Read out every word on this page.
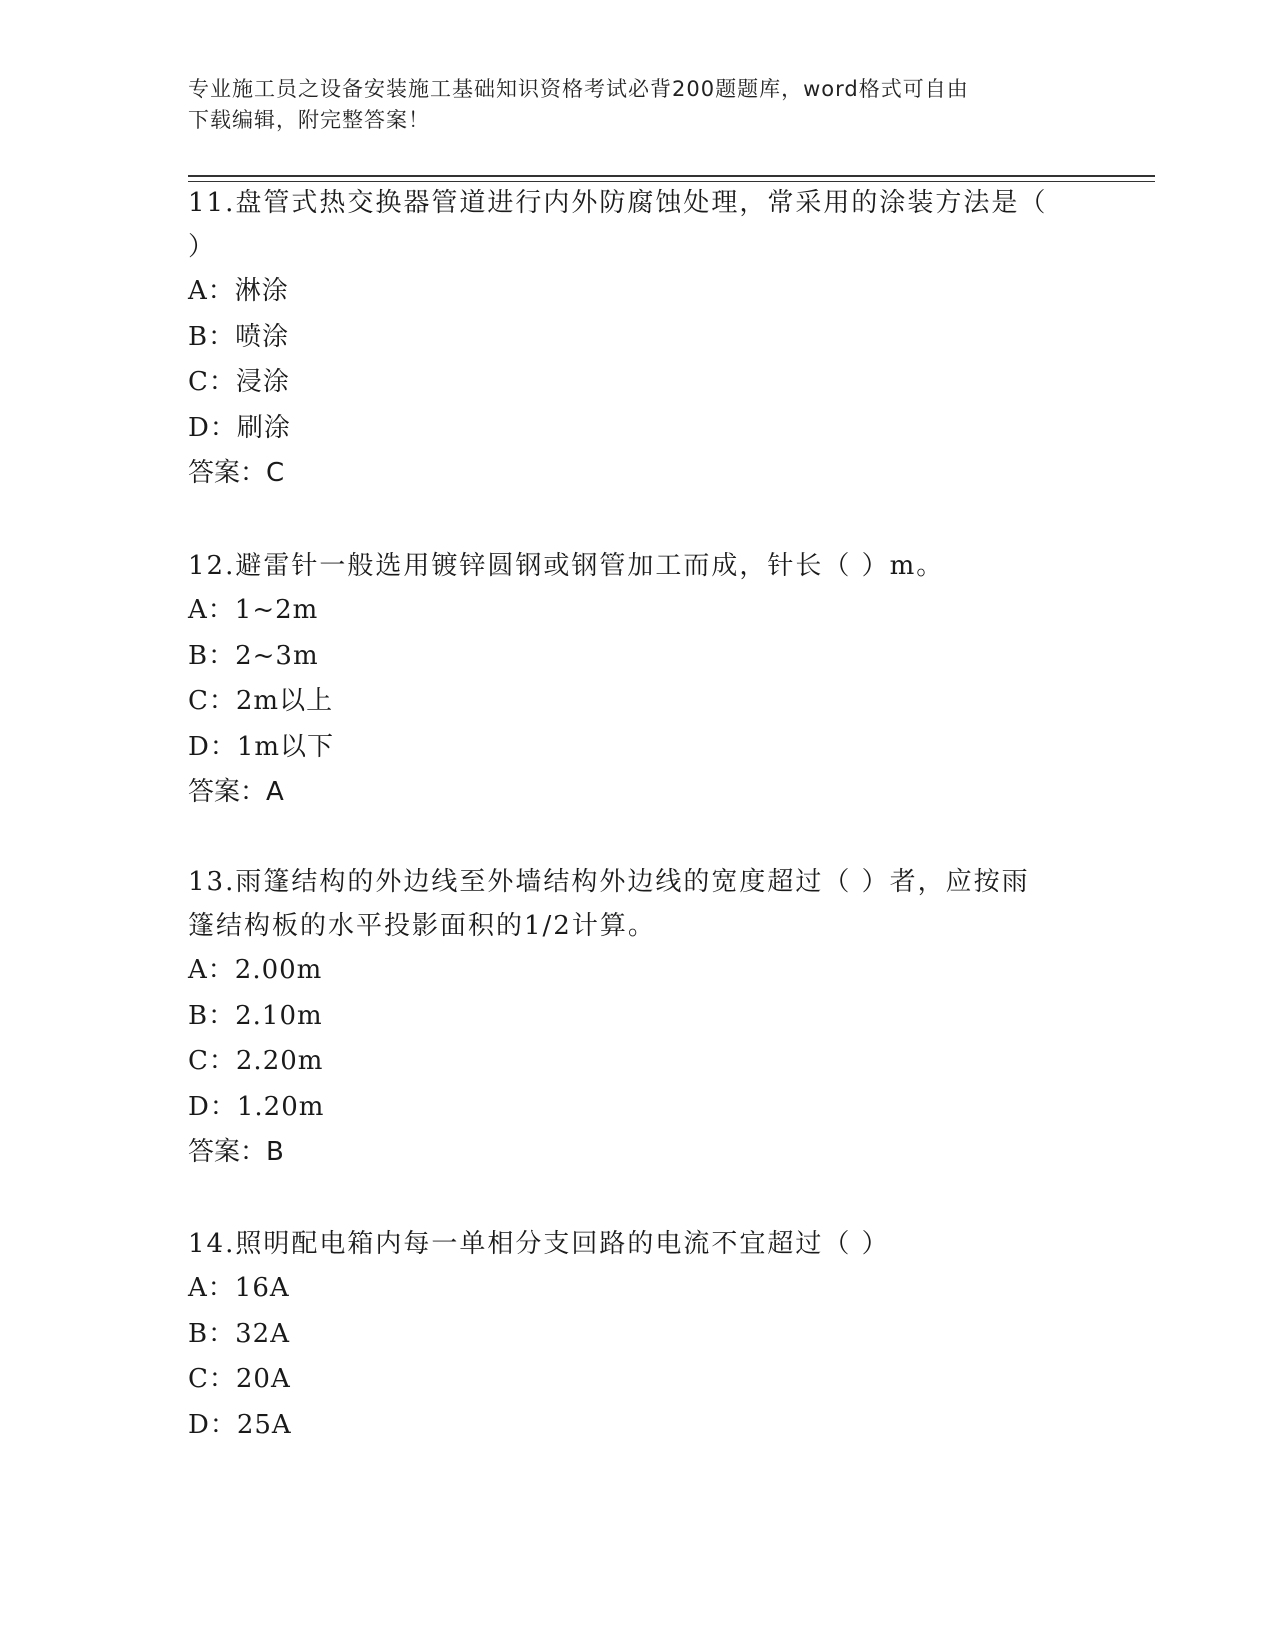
专业施工员之设备安装施工基础知识资格考试必背200题题库，word格式可自由
下载编辑，附完整答案！
11.盘管式热交换器管道进行内外防腐蚀处理，常采用的涂装方法是（
）
A：淋涂
B：喷涂
C：浸涂
D：刷涂
答案：C
12.避雷针一般选用镀锌圆钢或钢管加工而成，针长（ ）m。
A：1~2m
B：2~3m
C：2m以上
D：1m以下
答案：A
13.雨篷结构的外边线至外墙结构外边线的宽度超过（ ）者，应按雨
篷结构板的水平投影面积的1/2计算。
A：2.00m
B：2.10m
C：2.20m
D：1.20m
答案：B
14.照明配电箱内每一单相分支回路的电流不宜超过（ ）
A：16A
B：32A
C：20A
D：25A
